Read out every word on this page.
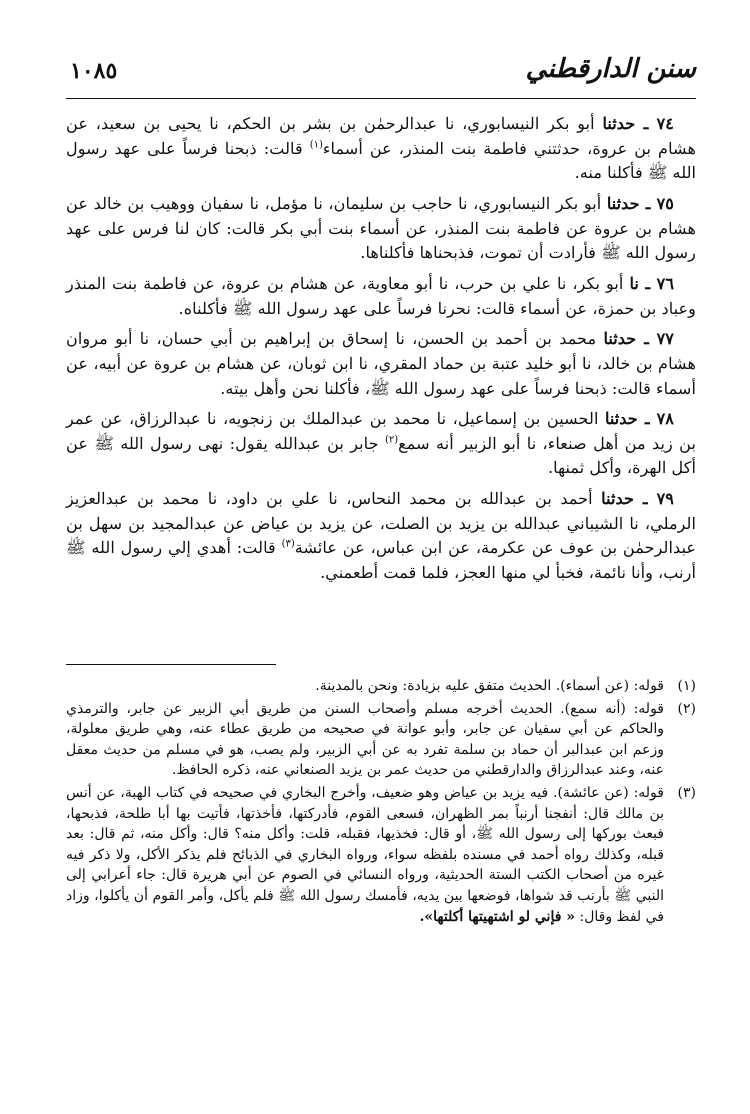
١٠٨٥	سنن الدارقطني

٧٤ ـ حدثنا أبو بكر النيسابوري، نا عبدالرحمٰن بن بشر بن الحكم، نا يحيى بن سعيد، عن هشام بن عروة، حدثتني فاطمة بنت المنذر، عن أسماء$^{(١)}$ قالت: ذبحنا فرساً على عهد رسول الله ﷺ فأكلنا منه.

٧٥ ـ حدثنا أبو بكر النيسابوري، نا حاجب بن سليمان، نا مؤمل، نا سفيان ووهيب بن خالد عن هشام بن عروة عن فاطمة بنت المنذر، عن أسماء بنت أبي بكر قالت: كان لنا فرس على عهد رسول الله ﷺ فأرادت أن تموت، فذبحناها فأكلناها.

٧٦ ـ نا أبو بكر، نا علي بن حرب، نا أبو معاوية، عن هشام بن عروة، عن فاطمة بنت المنذر وعباد بن حمزة، عن أسماء قالت: نحرنا فرساً على عهد رسول الله ﷺ فأكلناه.

٧٧ ـ حدثنا محمد بن أحمد بن الحسن، نا إسحاق بن إبراهيم بن أبي حسان، نا أبو مروان هشام بن خالد، نا أبو خليد عتبة بن حماد المقري، نا ابن ثوبان، عن هشام بن عروة عن أبيه، عن أسماء قالت: ذبحنا فرساً على عهد رسول الله ﷺ، فأكلنا نحن وأهل بيته.

٧٨ ـ حدثنا الحسين بن إسماعيل، نا محمد بن عبدالملك بن زنجويه، نا عبدالرزاق، عن عمر بن زيد من أهل صنعاء، نا أبو الزبير أنه سمع$^{(٢)}$ جابر بن عبدالله يقول: نهى رسول الله ﷺ عن أكل الهرة، وأكل ثمنها.

٧٩ ـ حدثنا أحمد بن عبدالله بن محمد النحاس، نا علي بن داود، نا محمد بن عبدالعزيز الرملي، نا الشيباني عبدالله بن يزيد بن الصلت، عن يزيد بن عياض عن عبدالمجيد بن سهل بن عبدالرحمٰن بن عوف عن عكرمة، عن ابن عباس، عن عائشة$^{(٣)}$ قالت: أهدي إلي رسول الله ﷺ أرنب، وأنا نائمة، فخبأ لي منها العجز، فلما قمت أطعمني.

(١)
قوله: (عن أسماء). الحديث متفق عليه بزيادة: ونحن بالمدينة.
(٢)
قوله: (أنه سمع). الحديث أخرجه مسلم وأصحاب السنن من طريق أبي الزبير عن جابر، والترمذي والحاكم عن أبي سفيان عن جابر، وأبو عوانة في صحيحه من طريق عطاء عنه، وهي طريق معلولة، وزعم ابن عبدالبر أن حماد بن سلمة تفرد به عن أبي الزبير، ولم يصب، هو في مسلم من حديث معقل عنه، وعند عبدالرزاق والدارقطني من حديث عمر بن يزيد الصنعاني عنه، ذكره الحافظ.
(٣)
قوله: (عن عائشة). فيه يزيد بن عياض وهو ضعيف، وأخرج البخاري في صحيحه في كتاب الهبة، عن أنس بن مالك قال: أنفجنا أرنباً بمر الظهران، فسعى القوم، فأدركتها، فأخذتها، فأتيت بها أبا طلحة، فذبحها، فبعث بوركها إلى رسول الله ﷺ، أو قال: فخذيها، فقبله، قلت: وأكل منه؟ قال: وأكل منه، ثم قال: بعد قبله، وكذلك رواه أحمد في مسنده بلفظه سواء، ورواه البخاري في الذبائح فلم يذكر الأكل، ولا ذكر فيه غيره من أصحاب الكتب الستة الحديثية، ورواه النسائي في الصوم عن أبي هريرة قال: جاء أعرابي إلى النبي ﷺ بأرنب قد شواها، فوضعها بين يديه، فأمسك رسول الله ﷺ فلم يأكل، وأمر القوم أن يأكلوا، وزاد في لفظ وقال: « فإني لو اشتهيتها أكلتها».
